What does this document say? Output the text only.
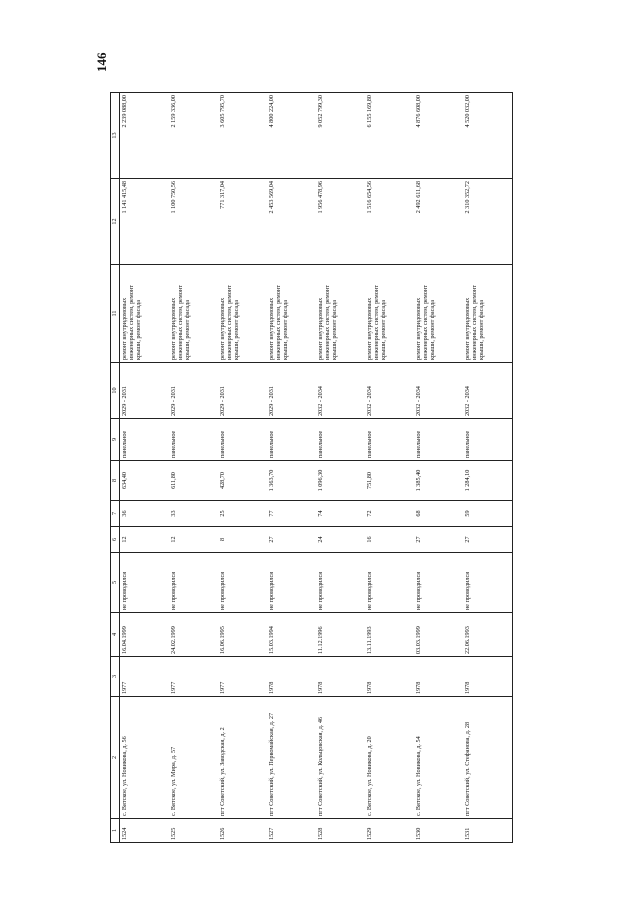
146
1	2	3	4	5	6	7	8	9	10	11	12	13
1524	с. Вятское, ул. Новикова, д. 56	1977	16.04.1999	не проводился	12	36	634,40	панельное	2029 - 2031	ремонт внутридомовых инженерных систем, ремонт крыши, ремонт фасада	1 141 415,48	2 239 088,00
1525	с. Вятское, ул. Мира, д. 57	1977	24.02.1999	не проводился	12	33	611,80	панельное	2029 - 2031	ремонт внутридомовых инженерных систем, ремонт крыши, ремонт фасада	1 100 750,56	2 159 336,00
1526	пгт Советский, ул. Заводская, д. 2	1977	16.06.1995	не проводился	8	25	428,70	панельное	2029 - 2031	ремонт внутридомовых инженерных систем, ремонт крыши, ремонт фасада	771 317,04	3 605 795,70
1527	пгт Советский, ул. Первомайская, д. 27	1978	15.03.1994	не проводился	27	77	1 363,70	панельное	2029 - 2031	ремонт внутридомовых инженерных систем, ремонт крыши, ремонт фасада	2 453 569,04	4 800 224,00
1528	пгт Советский, ул. Кольцовская, д. 46	1978	11.12.1996	не проводился	24	74	1 096,30	панельное	2032 - 2034	ремонт внутридомовых инженерных систем, ремонт крыши, ремонт фасада	1 956 478,96	9 052 799,30
1529	с. Вятское, ул. Новикова, д. 20	1978	13.11.1993	не проводился	16	72	751,80	панельное	2032 - 2034	ремонт внутридомовых инженерных систем, ремонт крыши, ремонт фасада	1 516 654,56	6 155 169,80
1530	с. Вятское, ул. Новикова, д. 54	1978	03.03.1999	не проводился	27	68	1 385,40	панельное	2032 - 2034	ремонт внутридомовых инженерных систем, ремонт крыши, ремонт фасада	2 492 611,68	4 876 608,00
1531	пгт Советский, ул. Стефанова, д. 28	1978	22.06.1993	не проводился	27	59	1 284,10	панельное	2032 - 2034	ремонт внутридомовых инженерных систем, ремонт крыши, ремонт фасада	2 310 352,72	4 520 032,00
